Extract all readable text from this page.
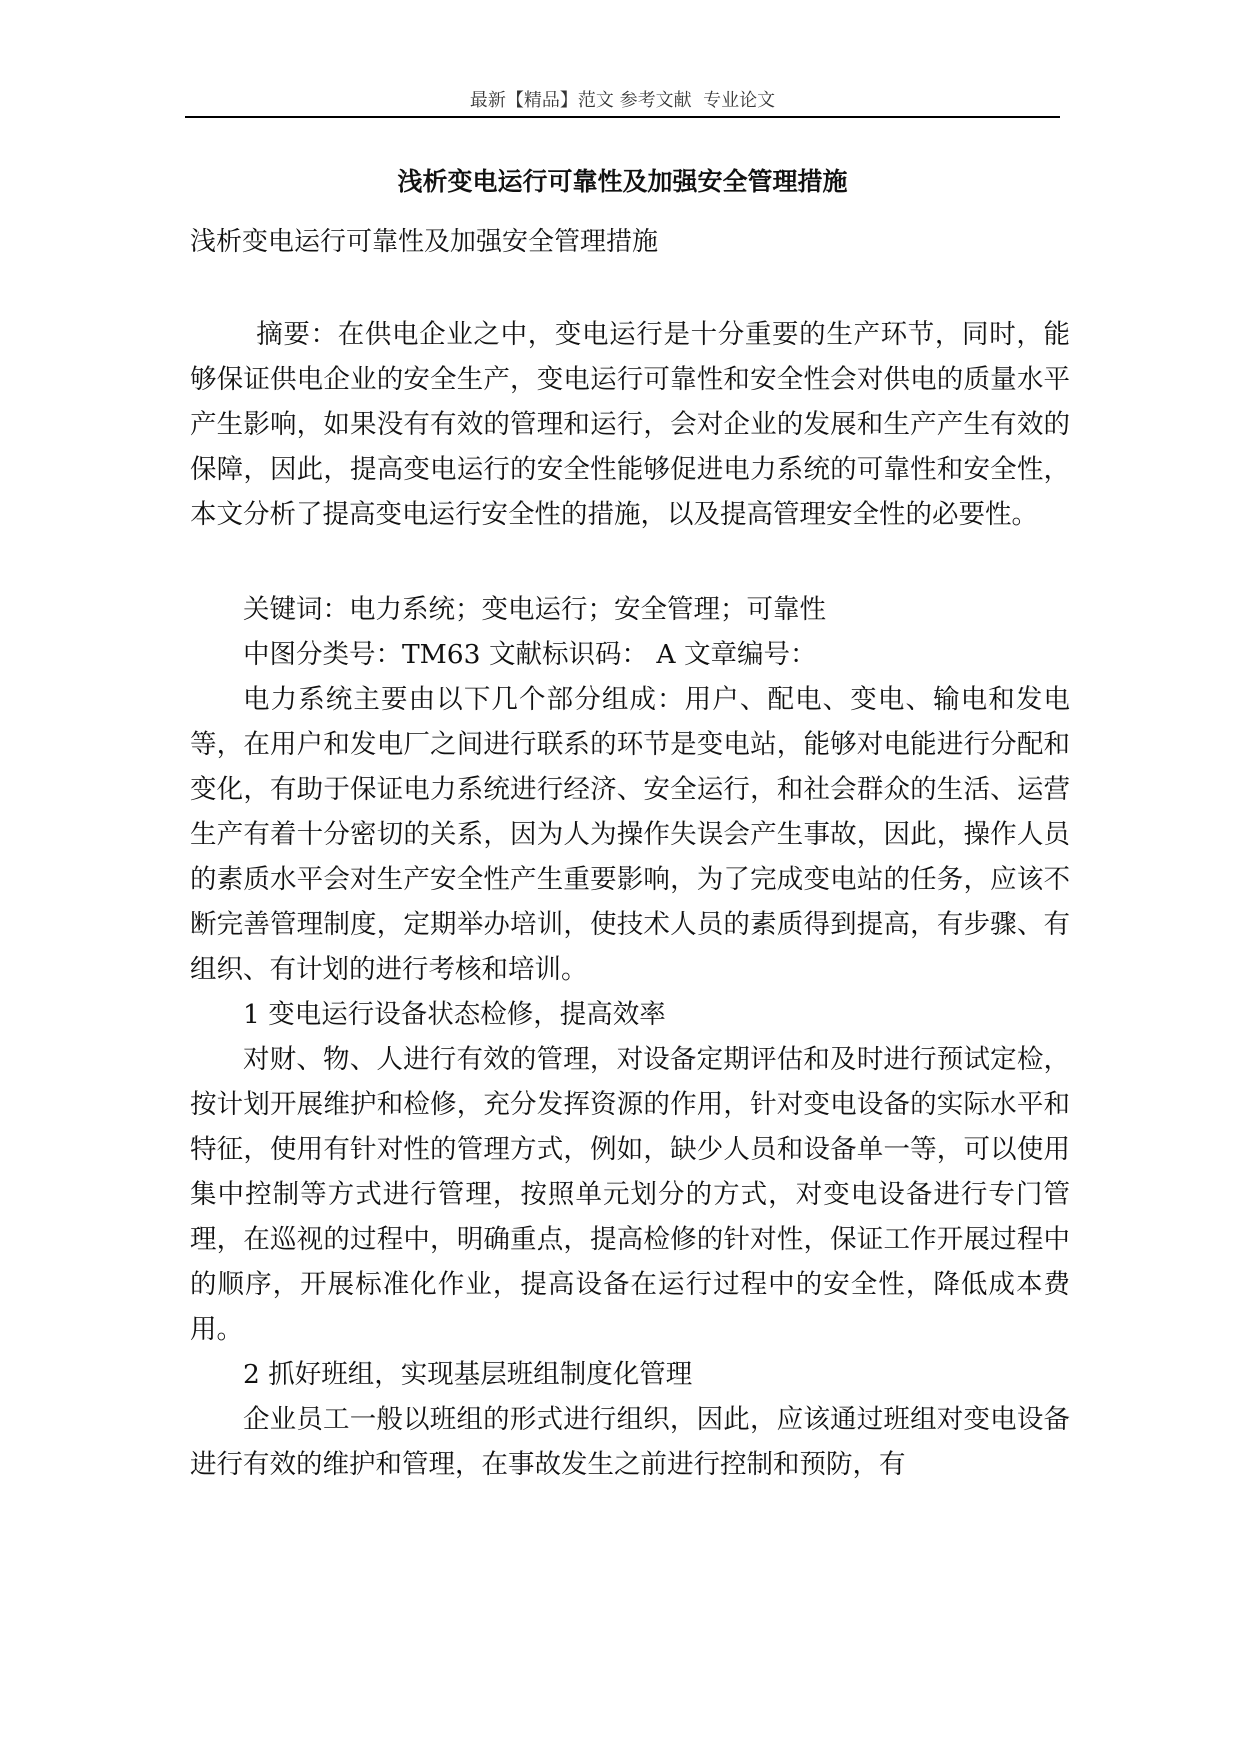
最新【精品】范文 参考文献  专业论文
浅析变电运行可靠性及加强安全管理措施
浅析变电运行可靠性及加强安全管理措施

摘要：在供电企业之中，变电运行是十分重要的生产环节，同时，能够保证供电企业的安全生产，变电运行可靠性和安全性会对供电的质量水平产生影响，如果没有有效的管理和运行，会对企业的发展和生产产生有效的保障，因此，提高变电运行的安全性能够促进电力系统的可靠性和安全性，本文分析了提高变电运行安全性的措施，以及提高管理安全性的必要性。

关键词：电力系统；变电运行；安全管理；可靠性

中图分类号：TM63 文献标识码： A 文章编号：

电力系统主要由以下几个部分组成：用户、配电、变电、输电和发电等，在用户和发电厂之间进行联系的环节是变电站，能够对电能进行分配和变化，有助于保证电力系统进行经济、安全运行，和社会群众的生活、运营生产有着十分密切的关系，因为人为操作失误会产生事故，因此，操作人员的素质水平会对生产安全性产生重要影响，为了完成变电站的任务，应该不断完善管理制度，定期举办培训，使技术人员的素质得到提高，有步骤、有组织、有计划的进行考核和培训。

1 变电运行设备状态检修，提高效率

对财、物、人进行有效的管理，对设备定期评估和及时进行预试定检，按计划开展维护和检修，充分发挥资源的作用，针对变电设备的实际水平和特征，使用有针对性的管理方式，例如，缺少人员和设备单一等，可以使用集中控制等方式进行管理，按照单元划分的方式，对变电设备进行专门管理，在巡视的过程中，明确重点，提高检修的针对性，保证工作开展过程中的顺序，开展标准化作业，提高设备在运行过程中的安全性，降低成本费用。

2 抓好班组，实现基层班组制度化管理

企业员工一般以班组的形式进行组织，因此，应该通过班组对变电设备进行有效的维护和管理，在事故发生之前进行控制和预防，有
